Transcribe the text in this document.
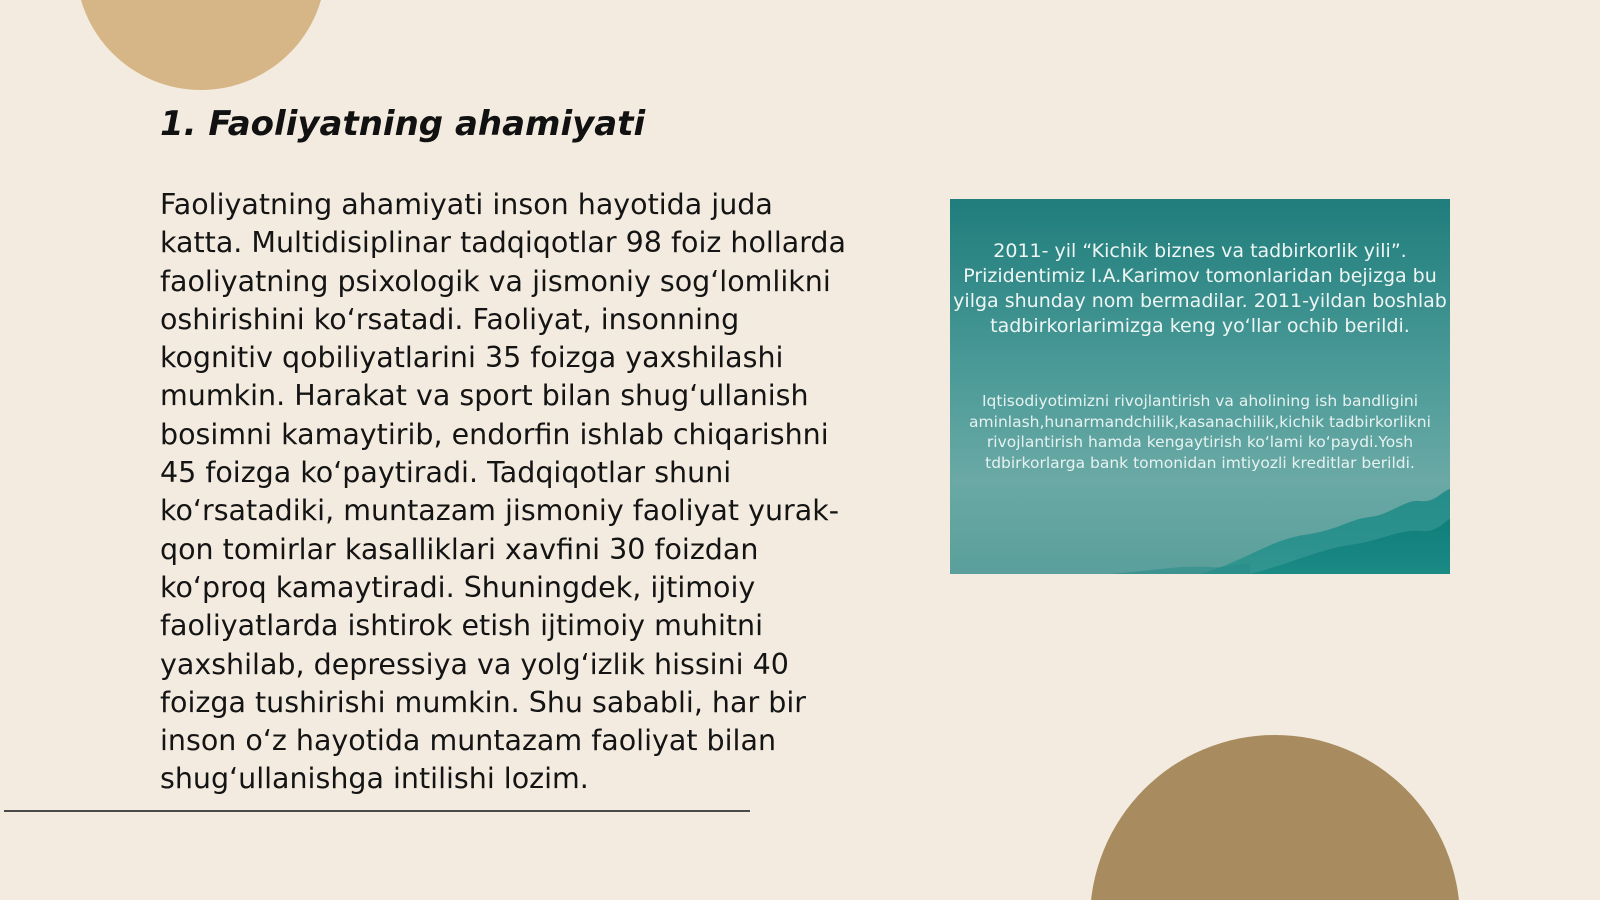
1. Faoliyatning ahamiyati

Faoliyatning ahamiyati inson hayotida juda katta. Multidisiplinar tadqiqotlar 98 foiz hollarda faoliyatning psixologik va jismoniy sog‘lomlikni oshirishini ko‘rsatadi. Faoliyat, insonning kognitiv qobiliyatlarini 35 foizga yaxshilashi mumkin. Harakat va sport bilan shug‘ullanish bosimni kamaytirib, endorfin ishlab chiqarishni 45 foizga ko‘paytiradi. Tadqiqotlar shuni ko‘rsatadiki, muntazam jismoniy faoliyat yurak-qon tomirlar kasalliklari xavfini 30 foizdan ko‘proq kamaytiradi. Shuningdek, ijtimoiy faoliyatlarda ishtirok etish ijtimoiy muhitni yaxshilab, depressiya va yolg‘izlik hissini 40 foizga tushirishi mumkin. Shu sababli, har bir inson o‘z hayotida muntazam faoliyat bilan shug‘ullanishga intilishi lozim.

2011- yil “Kichik biznes va tadbirkorlik yili”. Prizidentimiz I.A.Karimov tomonlaridan bejizga bu yilga shunday nom bermadilar. 2011-yildan boshlab tadbirkorlarimizga keng yo‘llar ochib berildi.

Iqtisodiyotimizni rivojlantirish va aholining ish bandligini aminlash,hunarmandchilik,kasanachilik,kichik tadbirkorlikni rivojlantirish hamda kengaytirish ko‘lami ko‘paydi.Yosh tdbirkorlarga bank tomonidan imtiyozli kreditlar berildi.
